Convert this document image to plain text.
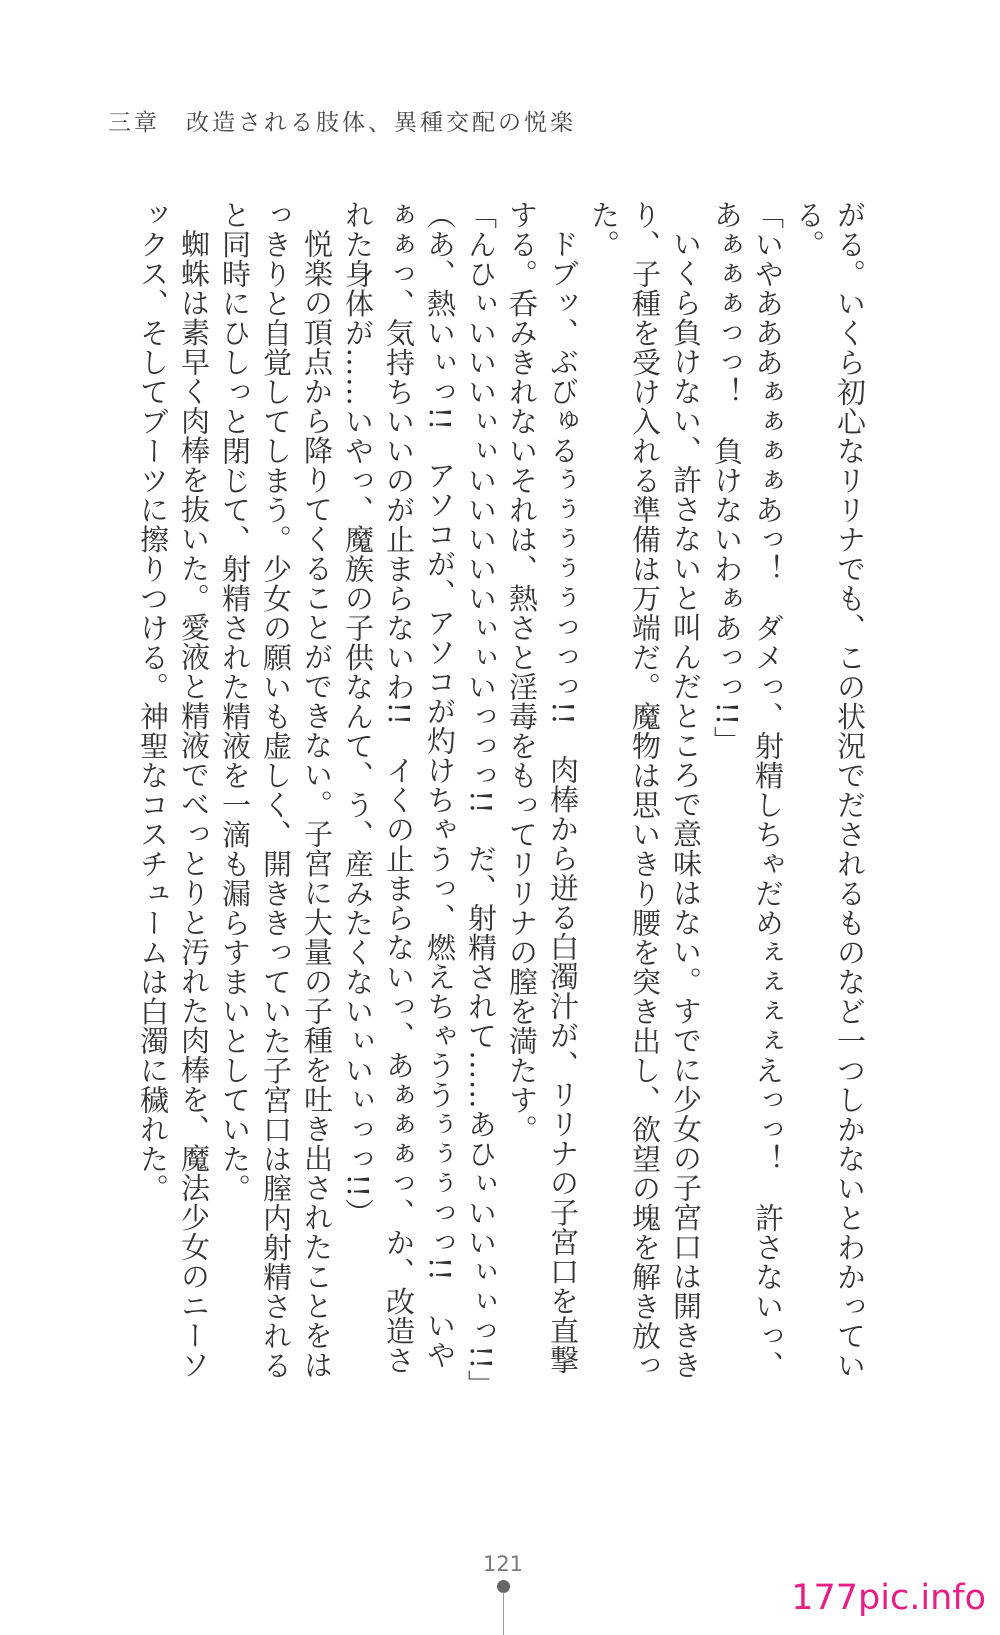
三章　改造される肢体、異種交配の悦楽

がる。いくら初心なリリナでも、この状況でだされるものなど一つしかないとわかってい

る。

「いやあああぁぁぁぁあっ！　ダメっ、射精しちゃだめぇぇぇぇえっっ！　許さないっ、あぁぁぁっっ！　負けないわぁあっっ!!」

いくら負けない、許さないと叫んだところで意味はない。すでに少女の子宮口は開ききり、子種を受け入れる準備は万端だ。魔物は思いきり腰を突き出し、欲望の塊を解き放った。

ドブッ、ぶびゅるぅぅぅぅぅっっっ!!　肉棒から迸る白濁汁が、リリナの子宮口を直撃する。呑みきれないそれは、熱さと淫毒をもってリリナの膣を満たす。

「んひぃいいいぃぃいいいいいぃぃいっっっ!!　だ、射精されて……あひぃいいぃぃっ!!」

（あ、熱いぃっ!!　アソコが、アソコが灼けちゃうっ、燃えちゃううぅぅぅっっ!!　いやぁぁっ、気持ちいいのが止まらないわ!!　イくの止まらないっ、あぁぁぁっ、か、改造された身体が……いやっ、魔族の子供なんて、う、産みたくないぃいぃっっ!!）

悦楽の頂点から降りてくることができない。子宮に大量の子種を吐き出されたことをはっきりと自覚してしまう。少女の願いも虚しく、開ききっていた子宮口は膣内射精されると同時にひしっと閉じて、射精された精液を一滴も漏らすまいとしていた。

蜘蛛は素早く肉棒を抜いた。愛液と精液でべっとりと汚れた肉棒を、魔法少女のニーソックス、そしてブーツに擦りつける。神聖なコスチュームは白濁に穢れた。

121
177pic.info
